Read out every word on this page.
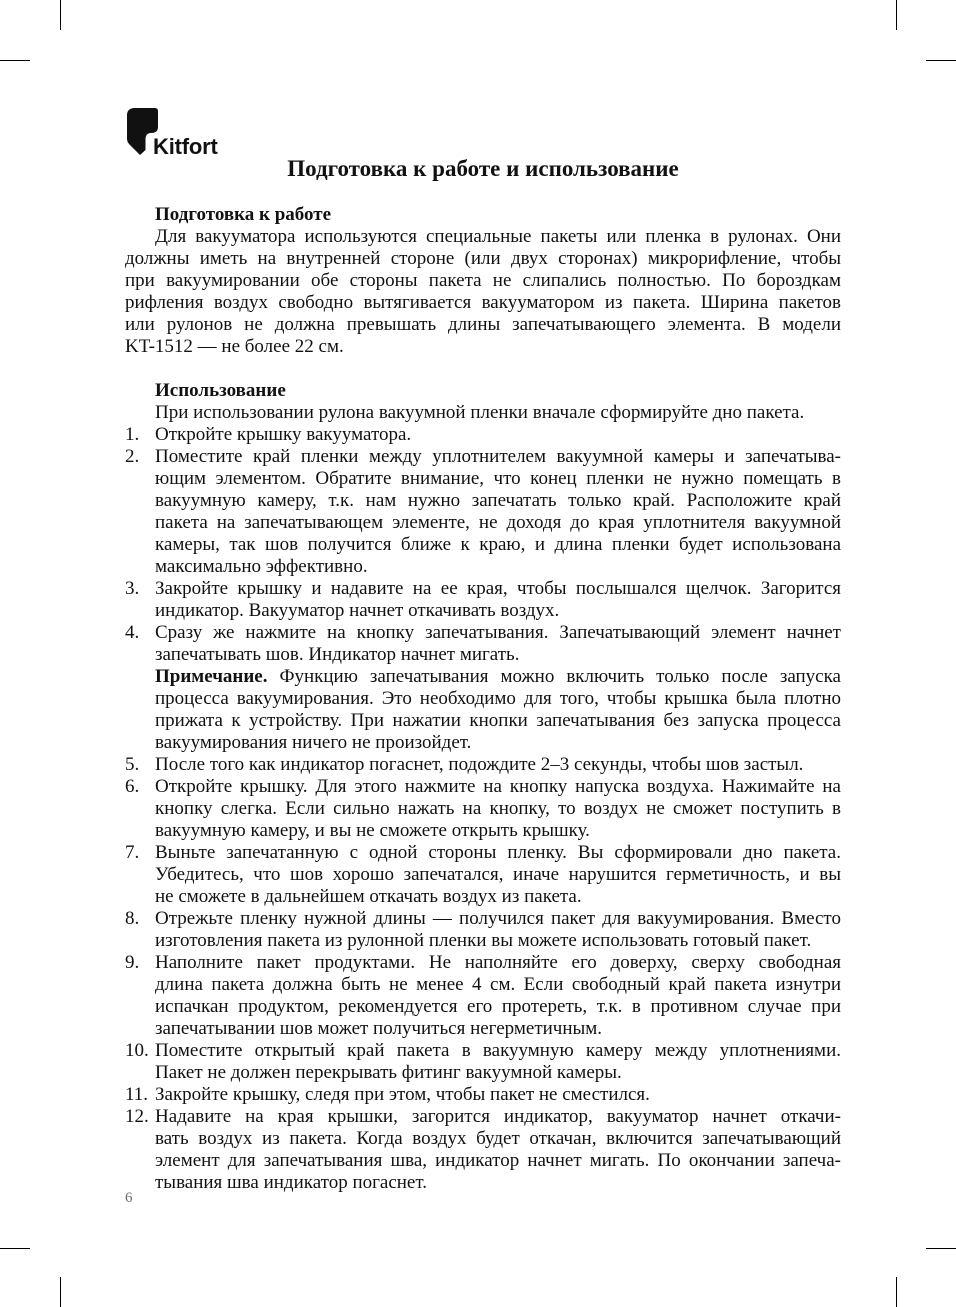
Kitfort
Подготовка к работе и использование
Подготовка к работе
Для вакууматора используются специальные пакеты или пленка в рулонах. Они
должны иметь на внутренней стороне (или двух сторонах) микрорифление, чтобы
при вакуумировании обе стороны пакета не слипались полностью. По бороздкам
рифления воздух свободно вытягивается вакууматором из пакета. Ширина пакетов
или рулонов не должна превышать длины запечатывающего элемента. В модели
KT-1512 — не более 22 см.
Использование
При использовании рулона вакуумной пленки вначале сформируйте дно пакета.
1. Откройте крышку вакууматора.
2. Поместите край пленки между уплотнителем вакуумной камеры и запечатыва-
ющим элементом. Обратите внимание, что конец пленки не нужно помещать в
вакуумную камеру, т.к. нам нужно запечатать только край. Расположите край
пакета на запечатывающем элементе, не доходя до края уплотнителя вакуумной
камеры, так шов получится ближе к краю, и длина пленки будет использована
максимально эффективно.
3. Закройте крышку и надавите на ее края, чтобы послышался щелчок. Загорится
индикатор. Вакууматор начнет откачивать воздух.
4. Сразу же нажмите на кнопку запечатывания. Запечатывающий элемент начнет
запечатывать шов. Индикатор начнет мигать.
Примечание. Функцию запечатывания можно включить только после запуска
процесса вакуумирования. Это необходимо для того, чтобы крышка была плотно
прижата к устройству. При нажатии кнопки запечатывания без запуска процесса
вакуумирования ничего не произойдет.
5. После того как индикатор погаснет, подождите 2–3 секунды, чтобы шов застыл.
6. Откройте крышку. Для этого нажмите на кнопку напуска воздуха. Нажимайте на
кнопку слегка. Если сильно нажать на кнопку, то воздух не сможет поступить в
вакуумную камеру, и вы не сможете открыть крышку.
7. Выньте запечатанную с одной стороны пленку. Вы сформировали дно пакета.
Убедитесь, что шов хорошо запечатался, иначе нарушится герметичность, и вы
не сможете в дальнейшем откачать воздух из пакета.
8. Отрежьте пленку нужной длины — получился пакет для вакуумирования. Вместо
изготовления пакета из рулонной пленки вы можете использовать готовый пакет.
9. Наполните пакет продуктами. Не наполняйте его доверху, сверху свободная
длина пакета должна быть не менее 4 см. Если свободный край пакета изнутри
испачкан продуктом, рекомендуется его протереть, т.к. в противном случае при
запечатывании шов может получиться негерметичным.
10. Поместите открытый край пакета в вакуумную камеру между уплотнениями.
Пакет не должен перекрывать фитинг вакуумной камеры.
11. Закройте крышку, следя при этом, чтобы пакет не сместился.
12. Надавите на края крышки, загорится индикатор, вакууматор начнет откачи-
вать воздух из пакета. Когда воздух будет откачан, включится запечатывающий
элемент для запечатывания шва, индикатор начнет мигать. По окончании запеча-
тывания шва индикатор погаснет.
6
